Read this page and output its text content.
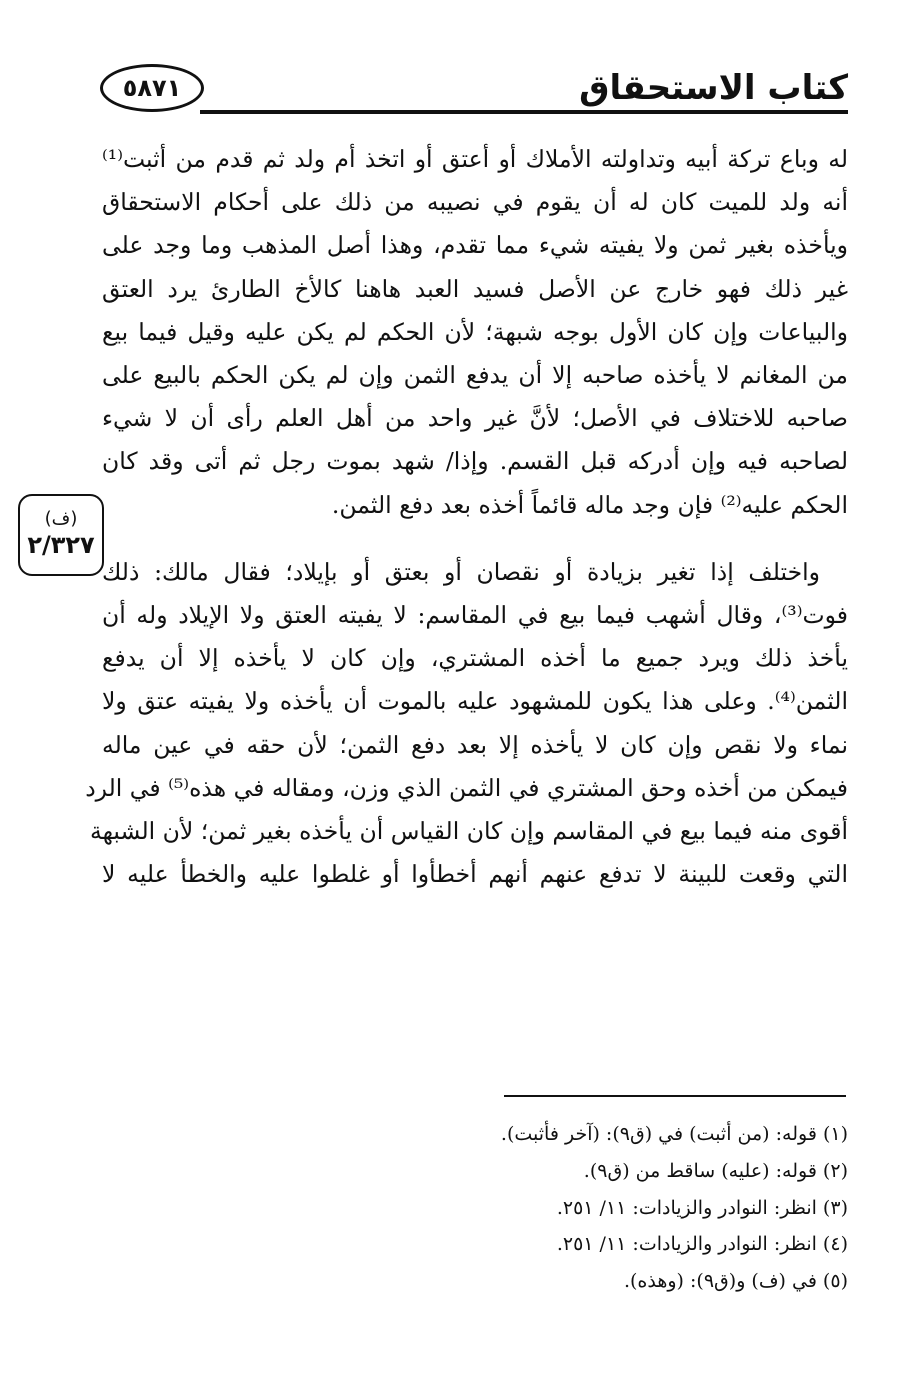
كتاب الاستحقاق
٥٨٧١
(ف)
٢/٣٢٧
له وباع تركة أبيه وتداولته الأملاك أو أعتق أو اتخذ أم ولد ثم قدم من أثبت⁽¹⁾
أنه ولد للميت كان له أن يقوم في نصيبه من ذلك على أحكام الاستحقاق
ويأخذه بغير ثمن ولا يفيته شيء مما تقدم، وهذا أصل المذهب وما وجد على
غير ذلك فهو خارج عن الأصل فسيد العبد هاهنا كالأخ الطارئ يرد العتق
والبياعات وإن كان الأول بوجه شبهة؛ لأن الحكم لم يكن عليه وقيل فيما بيع
من المغانم لا يأخذه صاحبه إلا أن يدفع الثمن وإن لم يكن الحكم بالبيع على
صاحبه للاختلاف في الأصل؛ لأنَّ غير واحد من أهل العلم رأى أن لا شيء
لصاحبه فيه وإن أدركه قبل القسم. وإذا/ شهد بموت رجل ثم أتى وقد كان
الحكم عليه⁽²⁾ فإن وجد ماله قائماً أخذه بعد دفع الثمن.
واختلف إذا تغير بزيادة أو نقصان أو بعتق أو بإيلاد؛ فقال مالك: ذلك
فوت⁽³⁾، وقال أشهب فيما بيع في المقاسم: لا يفيته العتق ولا الإيلاد وله أن
يأخذ ذلك ويرد جميع ما أخذه المشتري، وإن كان لا يأخذه إلا أن يدفع
الثمن⁽⁴⁾. وعلى هذا يكون للمشهود عليه بالموت أن يأخذه ولا يفيته عتق ولا
نماء ولا نقص وإن كان لا يأخذه إلا بعد دفع الثمن؛ لأن حقه في عين ماله
فيمكن من أخذه وحق المشتري في الثمن الذي وزن، ومقاله في هذه⁽⁵⁾ في الرد
أقوى منه فيما بيع في المقاسم وإن كان القياس أن يأخذه بغير ثمن؛ لأن الشبهة
التي وقعت للبينة لا تدفع عنهم أنهم أخطأوا أو غلطوا عليه والخطأ عليه لا
(١) قوله: (من أثبت) في (ق٩): (آخر فأثبت).
(٢) قوله: (عليه) ساقط من (ق٩).
(٣) انظر: النوادر والزيادات: ١١/ ٢٥١.
(٤) انظر: النوادر والزيادات: ١١/ ٢٥١.
(٥) في (ف) و(ق٩): (وهذه).
